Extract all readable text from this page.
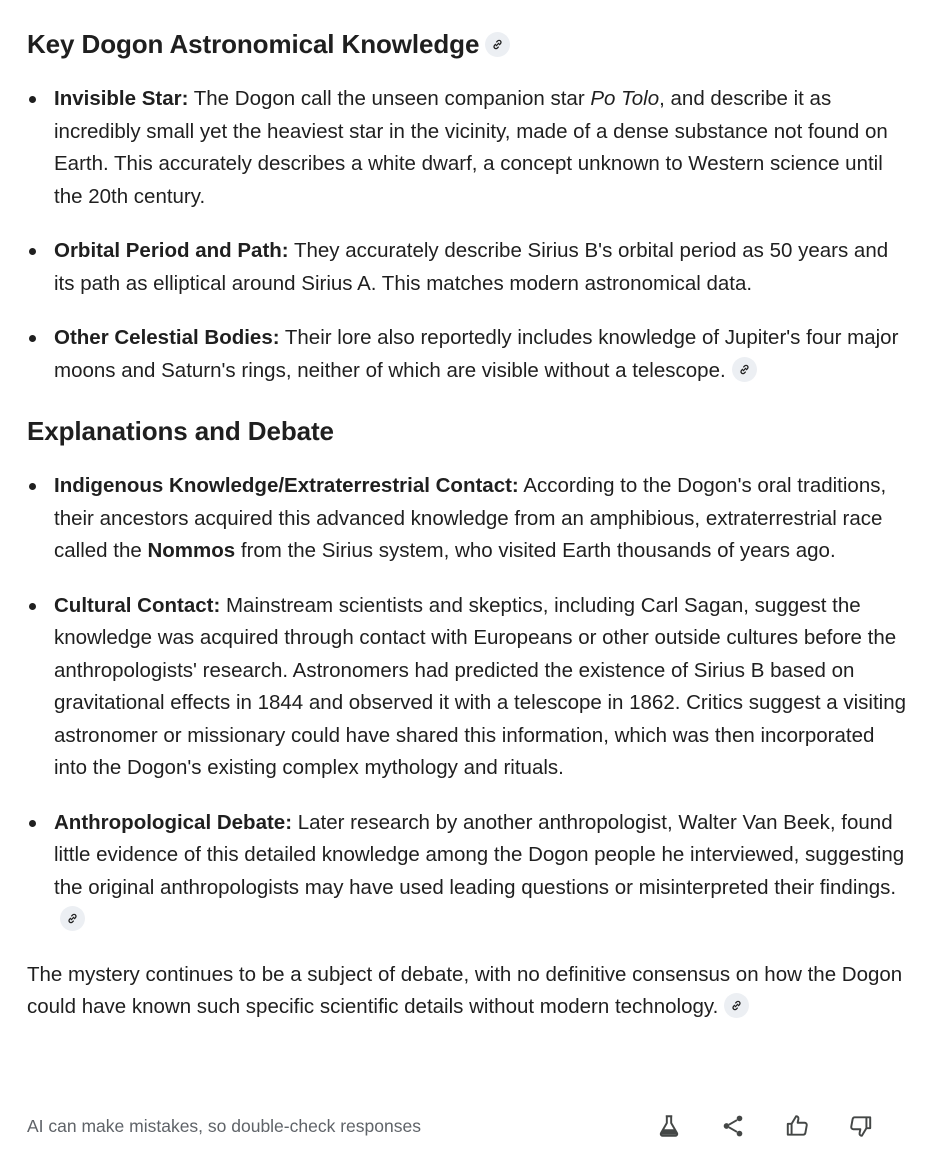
Key Dogon Astronomical Knowledge
Invisible Star: The Dogon call the unseen companion star Po Tolo, and describe it as incredibly small yet the heaviest star in the vicinity, made of a dense substance not found on Earth. This accurately describes a white dwarf, a concept unknown to Western science until the 20th century.
Orbital Period and Path: They accurately describe Sirius B's orbital period as 50 years and its path as elliptical around Sirius A. This matches modern astronomical data.
Other Celestial Bodies: Their lore also reportedly includes knowledge of Jupiter's four major moons and Saturn's rings, neither of which are visible without a telescope.
Explanations and Debate
Indigenous Knowledge/Extraterrestrial Contact: According to the Dogon's oral traditions, their ancestors acquired this advanced knowledge from an amphibious, extraterrestrial race called the Nommos from the Sirius system, who visited Earth thousands of years ago.
Cultural Contact: Mainstream scientists and skeptics, including Carl Sagan, suggest the knowledge was acquired through contact with Europeans or other outside cultures before the anthropologists' research. Astronomers had predicted the existence of Sirius B based on gravitational effects in 1844 and observed it with a telescope in 1862. Critics suggest a visiting astronomer or missionary could have shared this information, which was then incorporated into the Dogon's existing complex mythology and rituals.
Anthropological Debate: Later research by another anthropologist, Walter Van Beek, found little evidence of this detailed knowledge among the Dogon people he interviewed, suggesting the original anthropologists may have used leading questions or misinterpreted their findings.

The mystery continues to be a subject of debate, with no definitive consensus on how the Dogon could have known such specific scientific details without modern technology.

AI can make mistakes, so double-check responses
